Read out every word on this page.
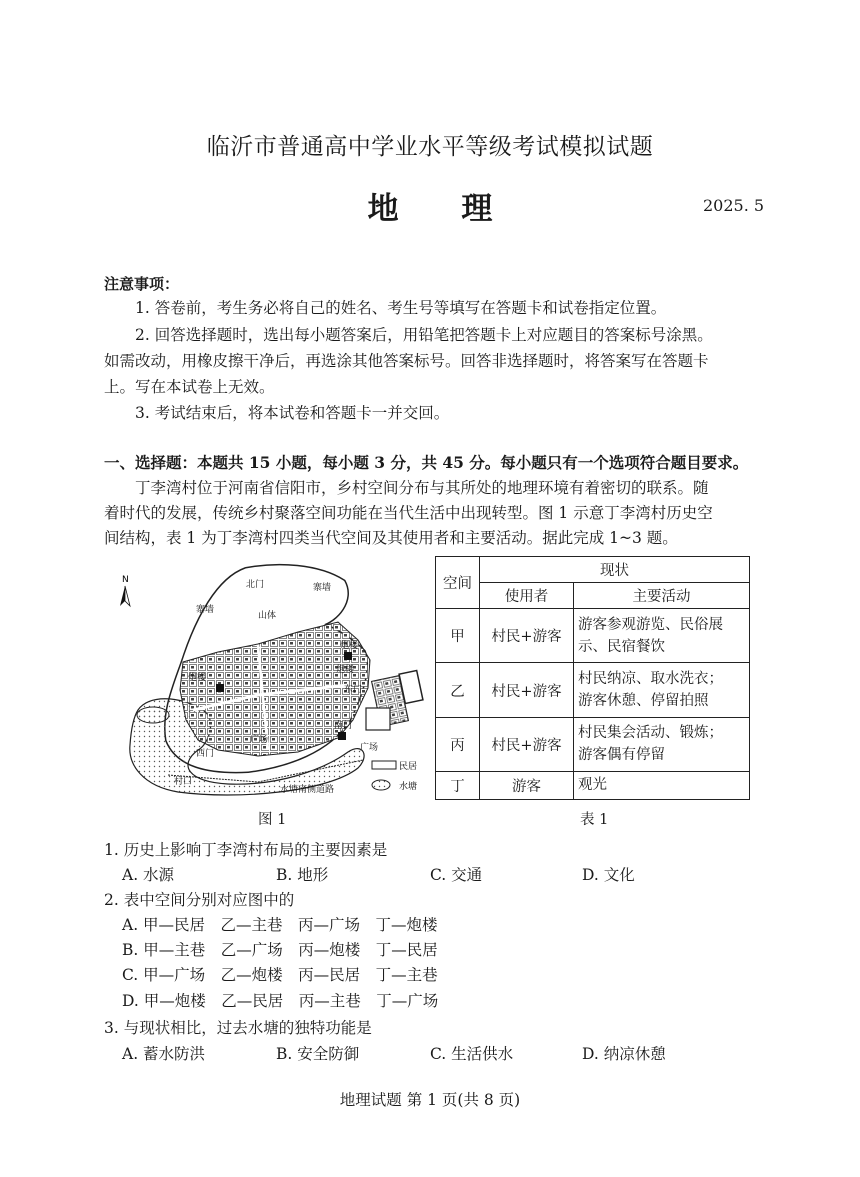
临沂市普通高中学业水平等级考试模拟试题
地 理	2025. 5
注意事项：
1. 答卷前，考生务必将自己的姓名、考生号等填写在答题卡和试卷指定位置。
2. 回答选择题时，选出每小题答案后，用铅笔把答题卡上对应题目的答案标号涂黑。
如需改动，用橡皮擦干净后，再选涂其他答案标号。回答非选择题时，将答案写在答题卡
上。写在本试卷上无效。
3. 考试结束后，将本试卷和答题卡一并交回。
一、选择题：本题共 15 小题，每小题 3 分，共 45 分。每小题只有一个选项符合题目要求。
丁李湾村位于河南省信阳市，乡村空间分布与其所处的地理环境有着密切的联系。随
着时代的发展，传统乡村聚落空间功能在当代生活中出现转型。图 1 示意丁李湾村历史空
间结构，表 1 为丁李湾村四类当代空间及其使用者和主要活动。据此完成 1~3 题。
N	北门	寨墙
寨墙
山体
炮楼
炮楼
炮楼
东门
南门
西门
广场
广场
村口
水塘南侧道路
民居
水塘
图 1
空间	现状	
	使用者	主要活动
甲	村民+游客	游客参观游览、民俗展
示、民宿餐饮

乙	村民+游客	村民纳凉、取水洗衣；
游客休憩、停留拍照

丙	村民+游客	村民集会活动、锻炼；
游客偶有停留

丁	游客	观光
表 1
1. 历史上影响丁李湾村布局的主要因素是
A. 水源	B. 地形	C. 交通	D. 文化
2. 表中空间分别对应图中的
A. 甲—民居　乙—主巷　丙—广场　丁—炮楼
B. 甲—主巷　乙—广场　丙—炮楼　丁—民居
C. 甲—广场　乙—炮楼　丙—民居　丁—主巷
D. 甲—炮楼　乙—民居　丙—主巷　丁—广场
3. 与现状相比，过去水塘的独特功能是
A. 蓄水防洪	B. 安全防御	C. 生活供水	D. 纳凉休憩
地理试题 第 1 页(共 8 页)
